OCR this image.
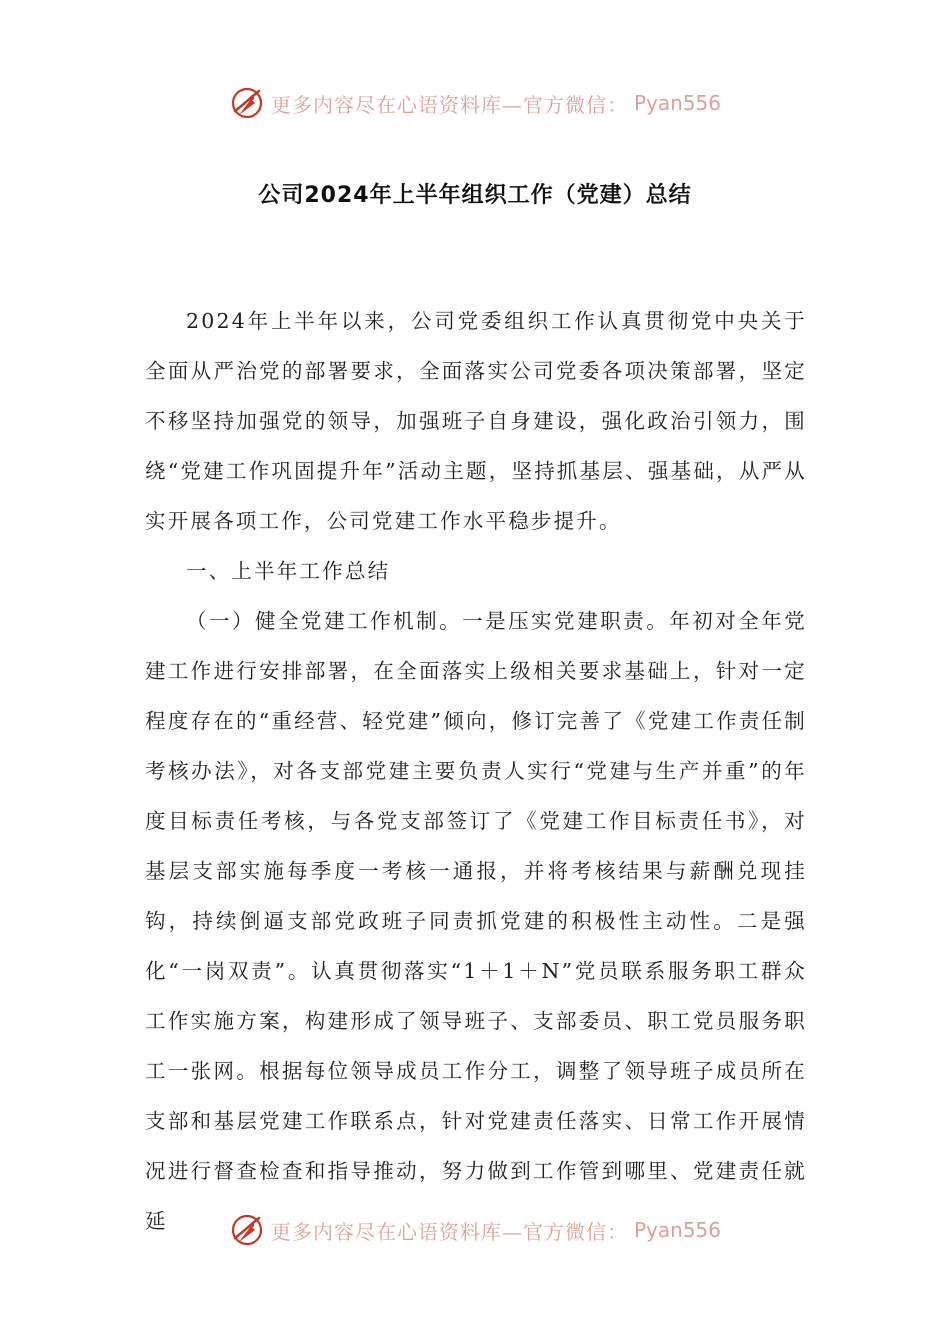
更多内容尽在心语资料库—官方微信： Pyan556
公司2024年上半年组织工作（党建）总结

2024年上半年以来，公司党委组织工作认真贯彻党中央关于全面从严治党的部署要求，全面落实公司党委各项决策部署，坚定不移坚持加强党的领导，加强班子自身建设，强化政治引领力，围绕“党建工作巩固提升年”活动主题，坚持抓基层、强基础，从严从实开展各项工作，公司党建工作水平稳步提升。

一、上半年工作总结

（一）健全党建工作机制。一是压实党建职责。年初对全年党建工作进行安排部署，在全面落实上级相关要求基础上，针对一定程度存在的“重经营、轻党建”倾向，修订完善了《党建工作责任制考核办法》，对各支部党建主要负责人实行“党建与生产并重”的年度目标责任考核，与各党支部签订了《党建工作目标责任书》，对基层支部实施每季度一考核一通报，并将考核结果与薪酬兑现挂钩，持续倒逼支部党政班子同责抓党建的积极性主动性。二是强化“一岗双责”。认真贯彻落实“1＋1＋N”党员联系服务职工群众工作实施方案，构建形成了领导班子、支部委员、职工党员服务职工一张网。根据每位领导成员工作分工，调整了领导班子成员所在支部和基层党建工作联系点，针对党建责任落实、日常工作开展情况进行督查检查和指导推动，努力做到工作管到哪里、党建责任就延	更多内容尽在心语资料库—官方微信： Pyan556
